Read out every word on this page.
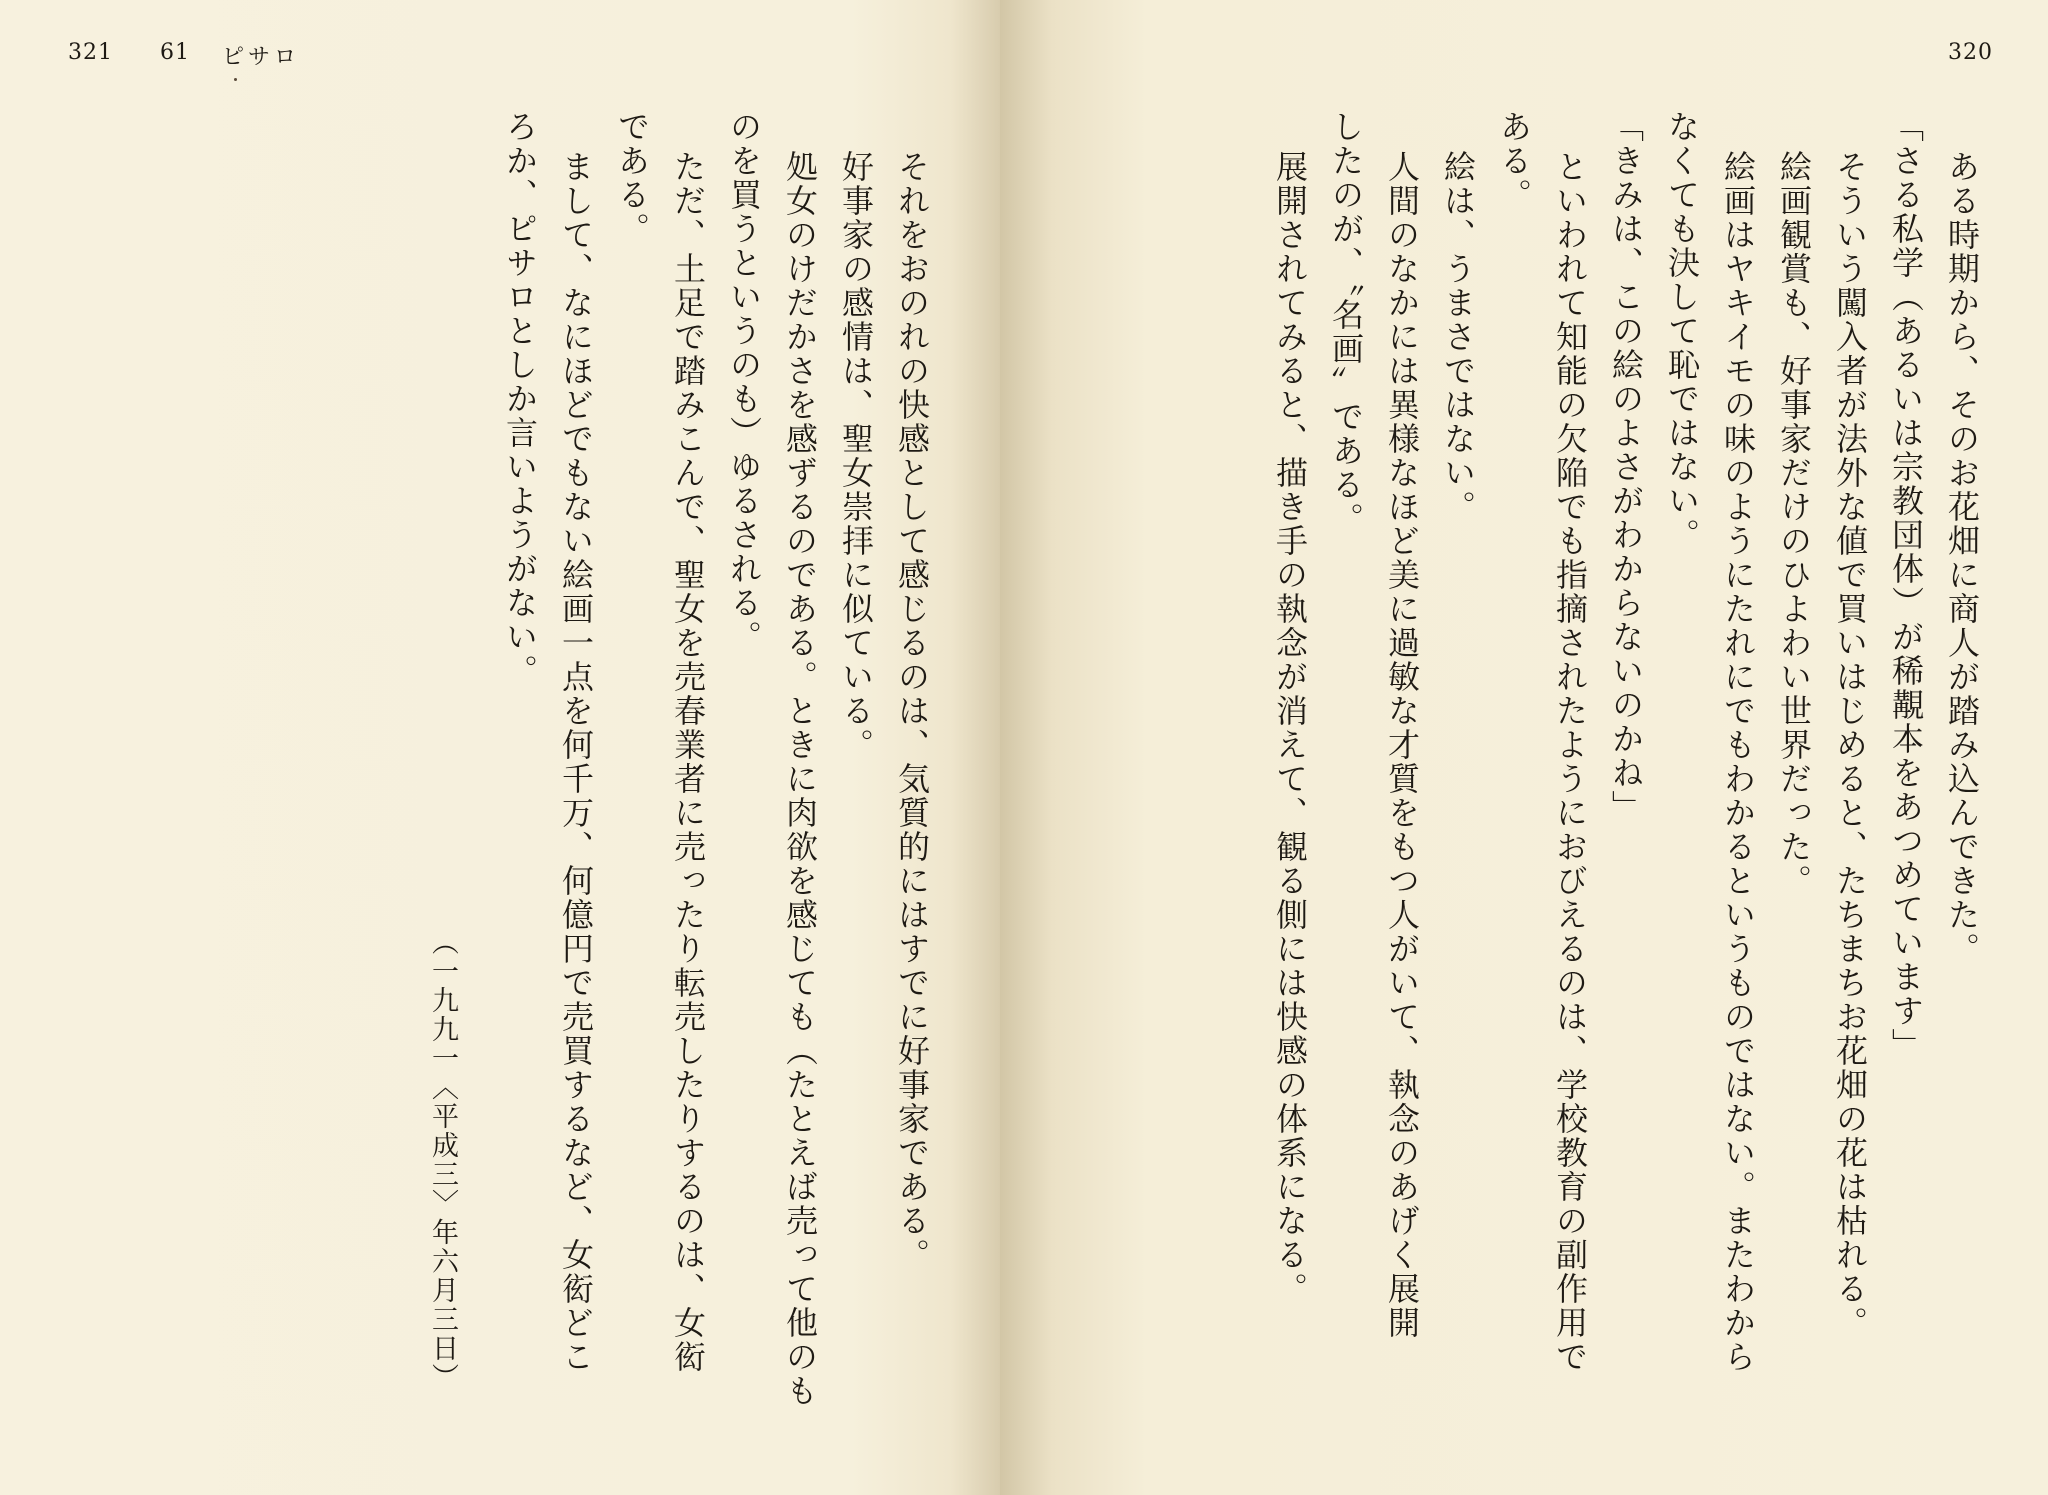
321 61 ピサロ

それをおのれの快感として感じるのは、気質的にはすでに好事家である。

好事家の感情は、聖女崇拝に似ている。

処女のけだかさを感ずるのである。ときに肉欲を感じても（たとえば売って他のも

のを買うというのも）ゆるされる。

ただ、土足で踏みこんで、聖女を売春業者に売ったり転売したりするのは、女衒

である。

まして、なにほどでもない絵画一点を何千万、何億円で売買するなど、女衒どこ

ろか、ピサロとしか言いようがない。

（一九九一〈平成三〉年六月三日）

320

ある時期から、そのお花畑に商人が踏み込んできた。

「さる私学（あるいは宗教団体）が稀覯本をあつめています」

そういう闖入者が法外な値で買いはじめると、たちまちお花畑の花は枯れる。

絵画観賞も、好事家だけのひよわい世界だった。

絵画はヤキイモの味のようにたれにでもわかるというものではない。またわから

なくても決して恥ではない。

「きみは、この絵のよさがわからないのかね」

といわれて知能の欠陥でも指摘されたようにおびえるのは、学校教育の副作用で

ある。

絵は、うまさではない。

人間のなかには異様なほど美に過敏な才質をもつ人がいて、執念のあげく展開

したのが、〝名画〟である。

展開されてみると、描き手の執念が消えて、観る側には快感の体系になる。
